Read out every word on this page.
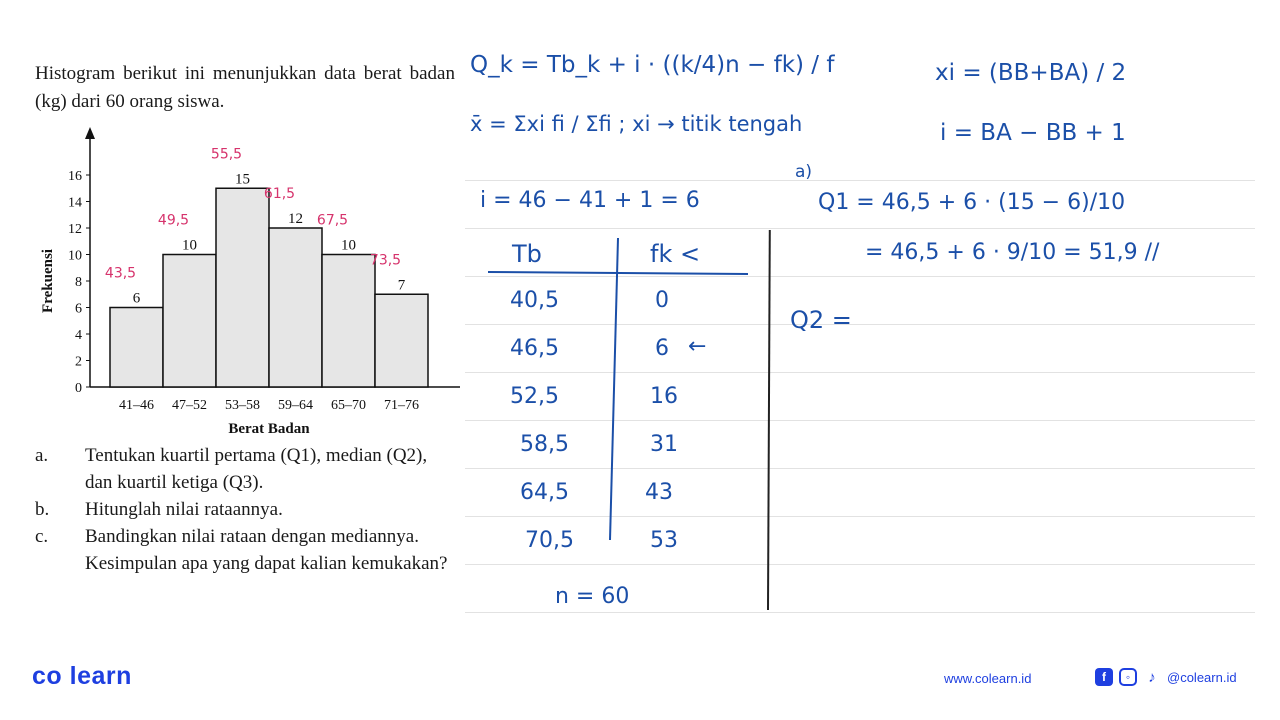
Histogram berikut ini menunjukkan data berat badan (kg) dari 60 orang siswa.
0
2
4
6
8
10
12
14
16
Frekuensi	6
41–46
43,5
10
47–52
49,5
15
53–58
55,5
12
59–64
61,5
10
65–70
67,5
7
71–76
73,5
Berat Badan
a.	Tentukan kuartil pertama (Q1), median (Q2), dan kuartil ketiga (Q3).
b.	Hitunglah nilai rataannya.
c.	Bandingkan nilai rataan dengan mediannya. Kesimpulan apa yang dapat kalian kemukakan?
Q_k = Tb_k + i · ((k/4)n − fk) / f
x̄ = Σxi fi / Σfi ; xi → titik tengah
xi = (BB+BA) / 2
i = BA − BB + 1
i = 46 − 41 + 1 = 6
Tb	fk <
40,5	0
46,5	6 ←
52,5	16
58,5	31
64,5	43
70,5	53
n = 60
a)
Q1 = 46,5 + 6 · (15 − 6)/10
= 46,5 + 6 · 9/10 = 51,9 //
Q2 =
co learn	www.colearn.id	f	◦	♪ @colearn.id
